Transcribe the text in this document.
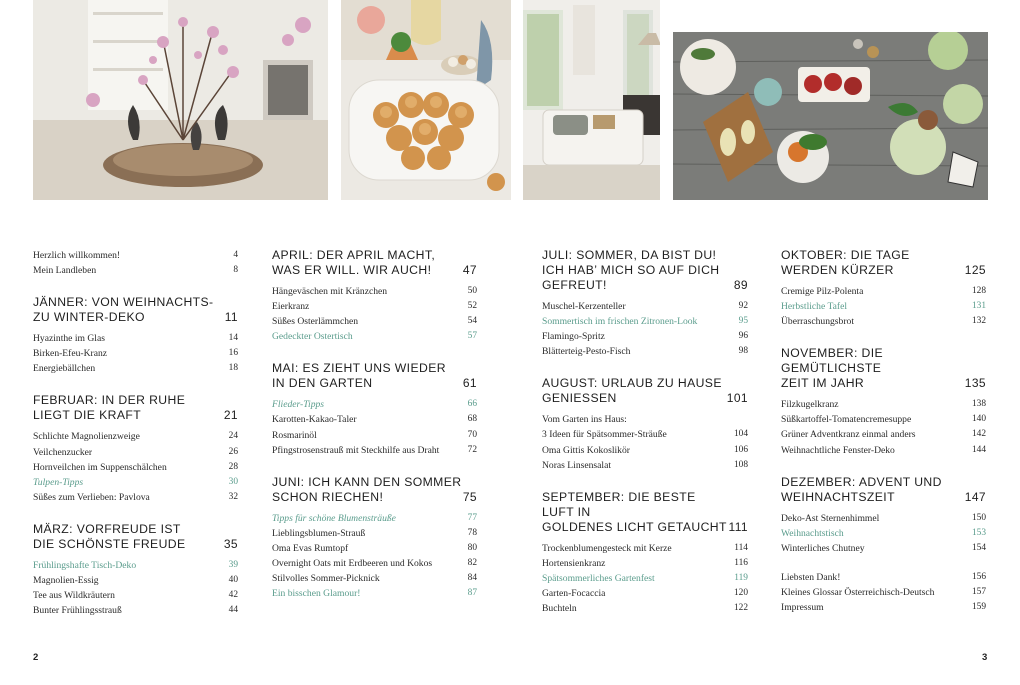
Herzlich willkommen!	4
Mein Landleben	8
JÄNNER: VON WEIHNACHTS-
ZU WINTER-DEKO	11
Hyazinthe im Glas	14
Birken-Efeu-Kranz	16
Energiebällchen	18
FEBRUAR: IN DER RUHE
LIEGT DIE KRAFT	21
Schlichte Magnolienzweige	24
Veilchenzucker	26
Hornveilchen im Suppenschälchen	28
Tulpen-Tipps	30
Süßes zum Verlieben: Pavlova	32
MÄRZ: VORFREUDE IST
DIE SCHÖNSTE FREUDE	35
Frühlingshafte Tisch-Deko	39
Magnolien-Essig	40
Tee aus Wildkräutern	42
Bunter Frühlingsstrauß	44
APRIL: DER APRIL MACHT,
WAS ER WILL. WIR AUCH!	47
Hängeväschen mit Kränzchen	50
Eierkranz	52
Süßes Osterlämmchen	54
Gedeckter Ostertisch	57
MAI: ES ZIEHT UNS WIEDER
IN DEN GARTEN	61
Flieder-Tipps	66
Karotten-Kakao-Taler	68
Rosmarinöl	70
Pfingstrosenstrauß mit Steckhilfe aus Draht	72
JUNI: ICH KANN DEN SOMMER
SCHON RIECHEN!	75
Tipps für schöne Blumensträuße	77
Lieblingsblumen-Strauß	78
Oma Evas Rumtopf	80
Overnight Oats mit Erdbeeren und Kokos	82
Stilvolles Sommer-Picknick	84
Ein bisschen Glamour!	87
JULI: SOMMER, DA BIST DU!
ICH HAB’ MICH SO AUF DICH
GEFREUT!	89
Muschel-Kerzenteller	92
Sommertisch im frischen Zitronen-Look	95
Flamingo-Spritz	96
Blätterteig-Pesto-Fisch	98
AUGUST: URLAUB ZU HAUSE
GENIESSEN	101
Vom Garten ins Haus:
3 Ideen für Spätsommer-Sträuße	104
Oma Gittis Kokoslikör	106
Noras Linsensalat	108
SEPTEMBER: DIE BESTE LUFT IN
GOLDENES LICHT GETAUCHT 111
Trockenblumengesteck mit Kerze	114
Hortensienkranz	116
Spätsommerliches Gartenfest	119
Garten-Focaccia	120
Buchteln	122
OKTOBER: DIE TAGE
WERDEN KÜRZER	125
Cremige Pilz-Polenta	128
Herbstliche Tafel	131
Überraschungsbrot	132
NOVEMBER: DIE GEMÜTLICHSTE
ZEIT IM JAHR	135
Filzkugelkranz	138
Süßkartoffel-Tomatencremesuppe	140
Grüner Adventkranz einmal anders	142
Weihnachtliche Fenster-Deko	144
DEZEMBER: ADVENT UND
WEIHNACHTSZEIT	147
Deko-Ast Sternenhimmel	150
Weihnachtstisch	153
Winterliches Chutney	154
Liebsten Dank!	156
Kleines Glossar Österreichisch-Deutsch	157
Impressum	159
2	3
